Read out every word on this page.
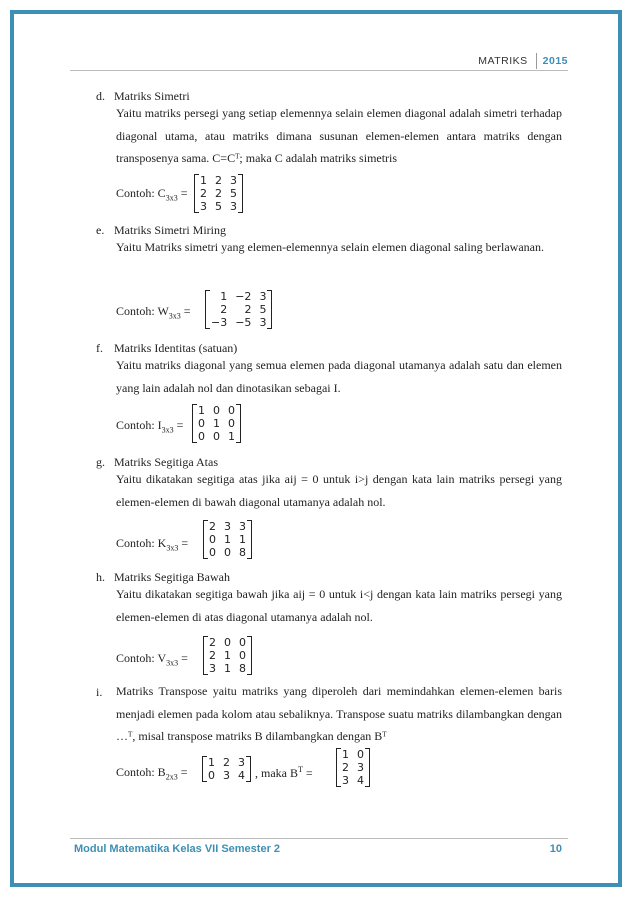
MATRIKS 2015
d. Matriks Simetri
Yaitu matriks persegi yang setiap elemennya selain elemen diagonal adalah simetri terhadap diagonal utama, atau matriks dimana susunan elemen-elemen antara matriks dengan transposenya sama. C=Cᵀ; maka C adalah matriks simetris
Contoh: $C_{3x3}$ =
1	2	3
2	2	5
3	5	3
e. Matriks Simetri Miring
Yaitu Matriks simetri yang elemen-elemennya selain elemen diagonal saling berlawanan.
Contoh: $W_{3x3}$ =
1	−2	3
2	2	5
−3	−5	3
f. Matriks Identitas (satuan)
Yaitu matriks diagonal yang semua elemen pada diagonal utamanya adalah satu dan elemen yang lain adalah nol dan dinotasikan sebagai I.
Contoh: $I_{3x3}$ =
1	0	0
0	1	0
0	0	1
g. Matriks Segitiga Atas
Yaitu dikatakan segitiga atas jika aij = 0 untuk i>j dengan kata lain matriks persegi yang elemen-elemen di bawah diagonal utamanya adalah nol.
Contoh: $K_{3x3}$ =
2	3	3
0	1	1
0	0	8
h. Matriks Segitiga Bawah
Yaitu dikatakan segitiga bawah jika aij = 0 untuk i<j dengan kata lain matriks persegi yang elemen-elemen di atas diagonal utamanya adalah nol.
Contoh: $V_{3x3}$ =
2	0	0
2	1	0
3	1	8
i.	Matriks Transpose yaitu matriks yang diperoleh dari memindahkan elemen-elemen baris menjadi elemen pada kolom atau sebaliknya. Transpose suatu matriks dilambangkan dengan …ᵀ, misal transpose matriks B dilambangkan dengan Bᵀ
Contoh: $B_{2x3}$ =
1	2	3
0	3	4 , maka $B^T$ =
1	0
2	3
3	4
Modul Matematika Kelas VII Semester 2	10
